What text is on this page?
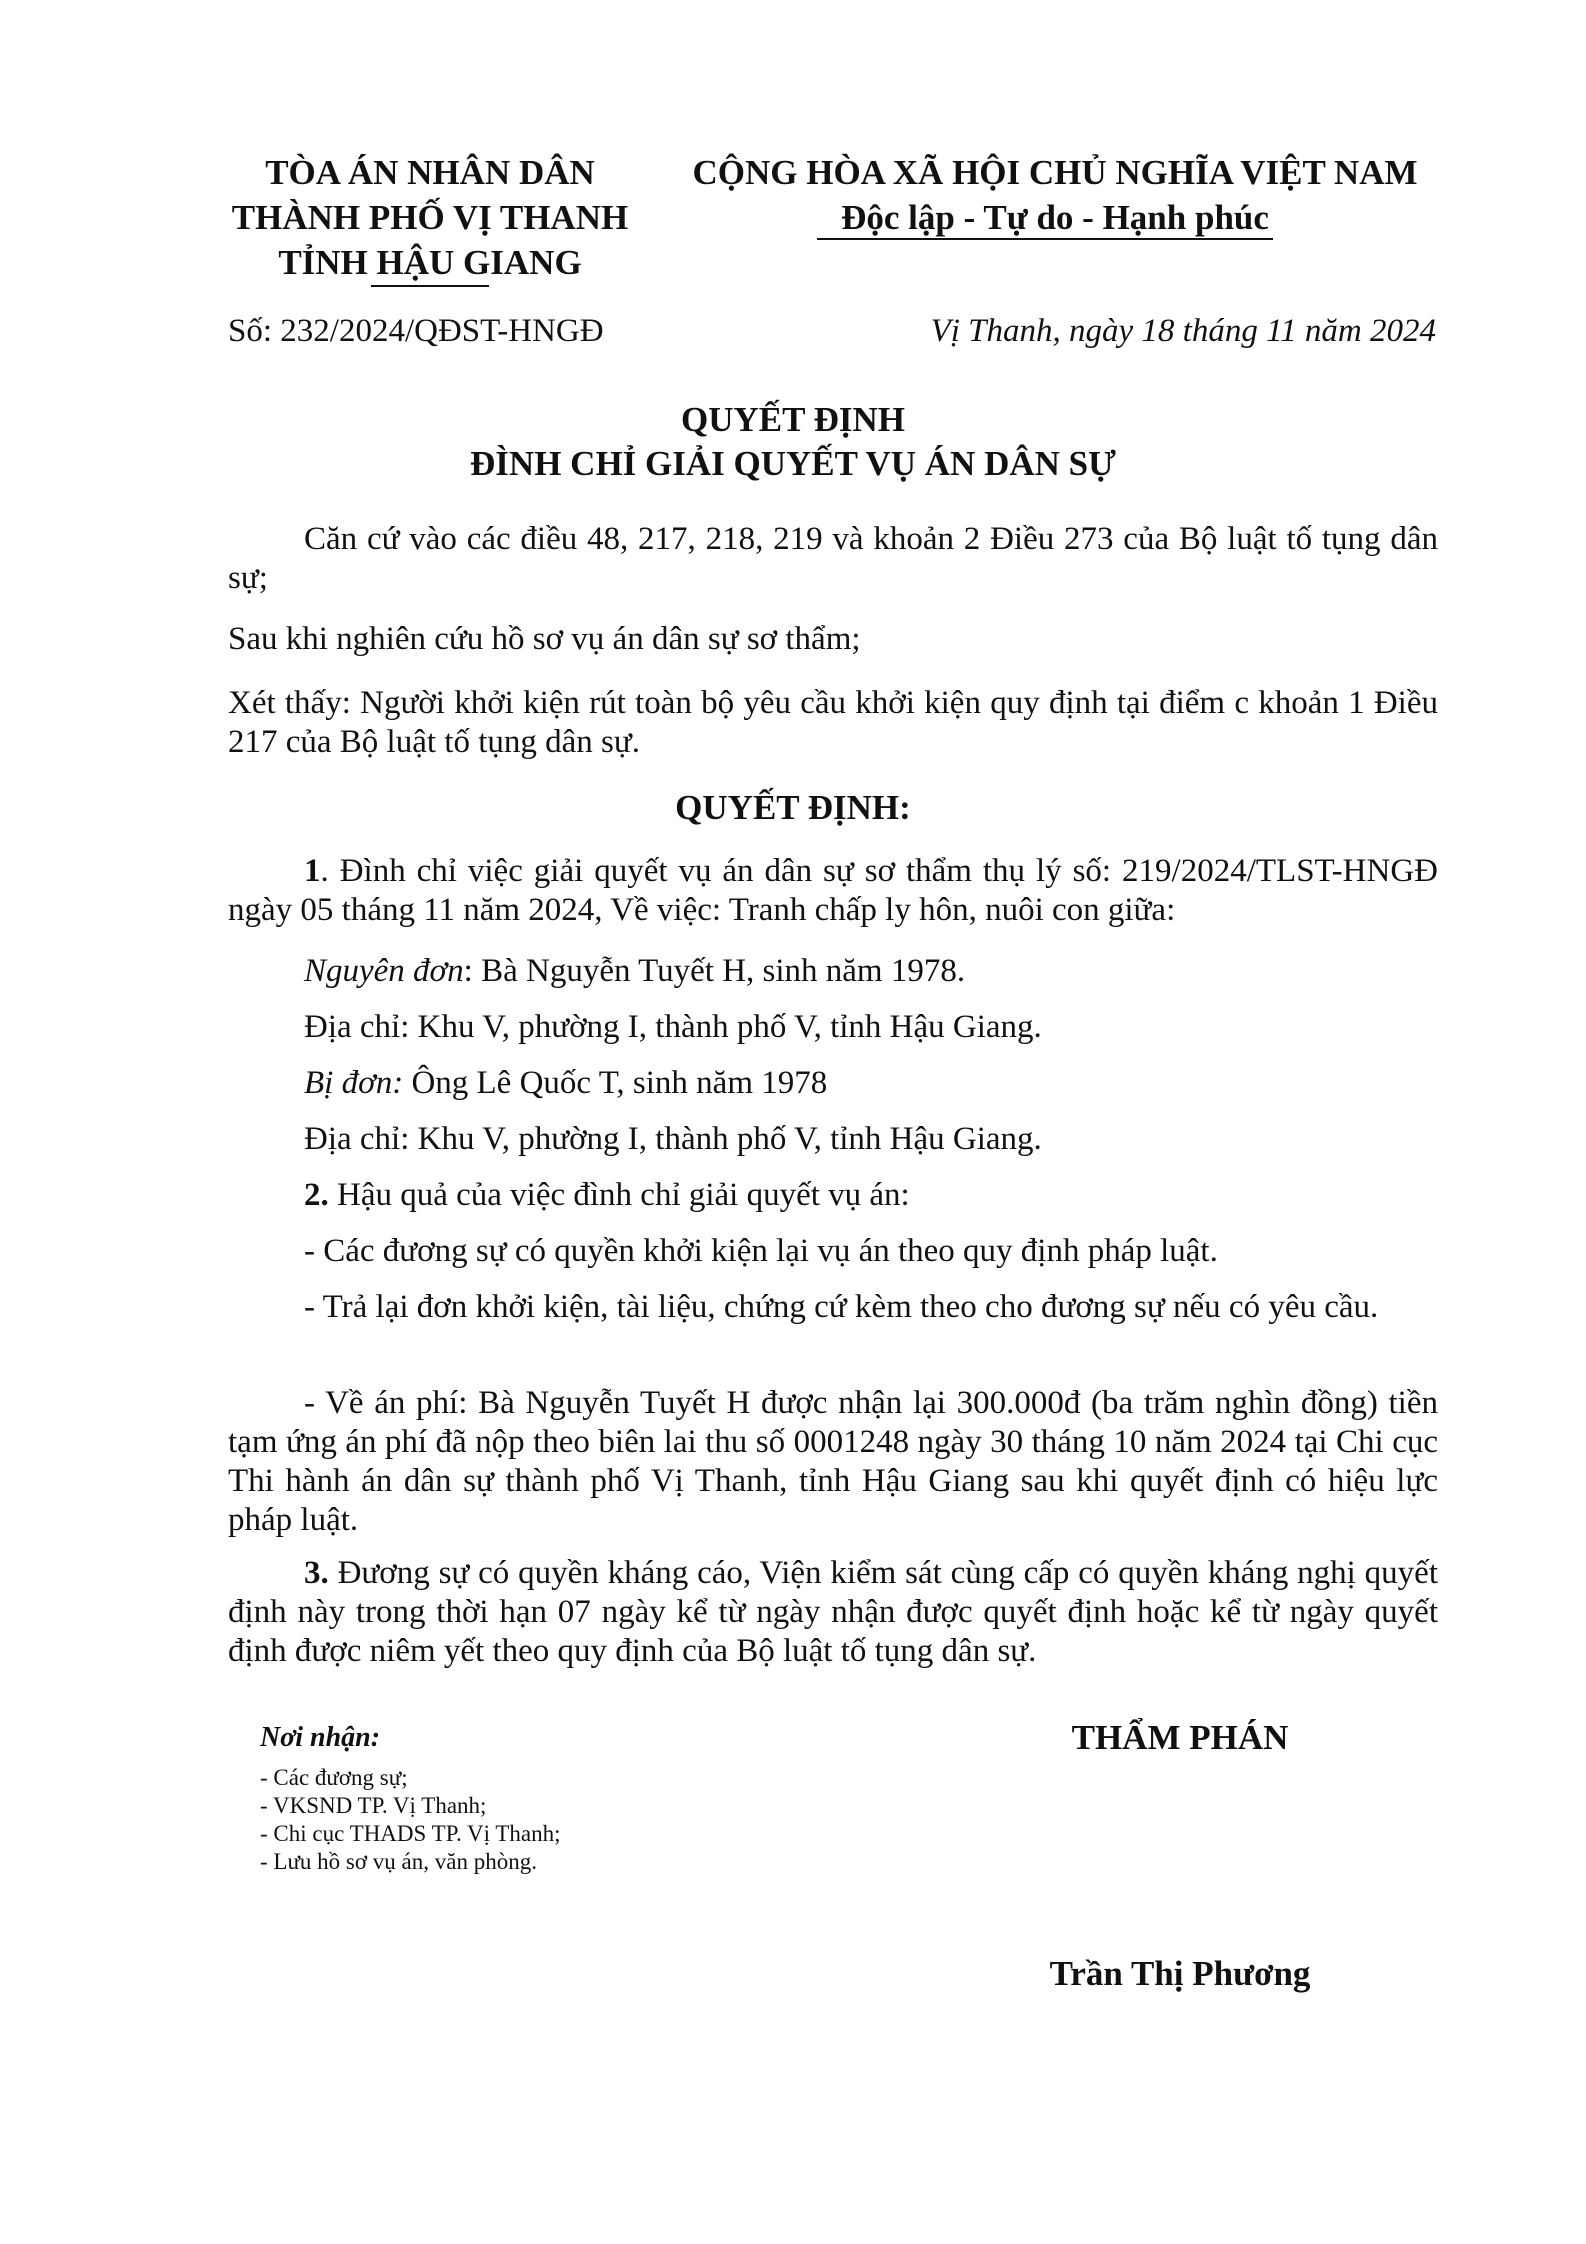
TÒA ÁN NHÂN DÂN
THÀNH PHỐ VỊ THANH
TỈNH HẬU GIANG
CỘNG HÒA XÃ HỘI CHỦ NGHĨA VIỆT NAM
Độc lập - Tự do - Hạnh phúc
Số: 232/2024/QĐST-HNGĐ	Vị Thanh, ngày 18 tháng 11 năm 2024
QUYẾT ĐỊNH
ĐÌNH CHỈ GIẢI QUYẾT VỤ ÁN DÂN SỰ

Căn cứ vào các điều 48, 217, 218, 219 và khoản 2 Điều 273 của Bộ luật tố tụng dân sự;

Sau khi nghiên cứu hồ sơ vụ án dân sự sơ thẩm;

Xét thấy: Người khởi kiện rút toàn bộ yêu cầu khởi kiện quy định tại điểm c khoản 1 Điều 217 của Bộ luật tố tụng dân sự.

QUYẾT ĐỊNH:

1. Đình chỉ việc giải quyết vụ án dân sự sơ thẩm thụ lý số: 219/2024/TLST-HNGĐ ngày 05 tháng 11 năm 2024, Về việc: Tranh chấp ly hôn, nuôi con giữa:

Nguyên đơn: Bà Nguyễn Tuyết H, sinh năm 1978.

Địa chỉ: Khu V, phường I, thành phố V, tỉnh Hậu Giang.

Bị đơn: Ông Lê Quốc T, sinh năm 1978

Địa chỉ: Khu V, phường I, thành phố V, tỉnh Hậu Giang.

2. Hậu quả của việc đình chỉ giải quyết vụ án:

- Các đương sự có quyền khởi kiện lại vụ án theo quy định pháp luật.

- Trả lại đơn khởi kiện, tài liệu, chứng cứ kèm theo cho đương sự nếu có yêu cầu.

- Về án phí: Bà Nguyễn Tuyết H được nhận lại 300.000đ (ba trăm nghìn đồng) tiền tạm ứng án phí đã nộp theo biên lai thu số 0001248 ngày 30 tháng 10 năm 2024 tại Chi cục Thi hành án dân sự thành phố Vị Thanh, tỉnh Hậu Giang sau khi quyết định có hiệu lực pháp luật.

3. Đương sự có quyền kháng cáo, Viện kiểm sát cùng cấp có quyền kháng nghị quyết định này trong thời hạn 07 ngày kể từ ngày nhận được quyết định hoặc kể từ ngày quyết định được niêm yết theo quy định của Bộ luật tố tụng dân sự.

Nơi nhận:

- Các đương sự;

- VKSND TP. Vị Thanh;

- Chi cục THADS TP. Vị Thanh;

- Lưu hồ sơ vụ án, văn phòng.

THẨM PHÁN
Trần Thị Phương
